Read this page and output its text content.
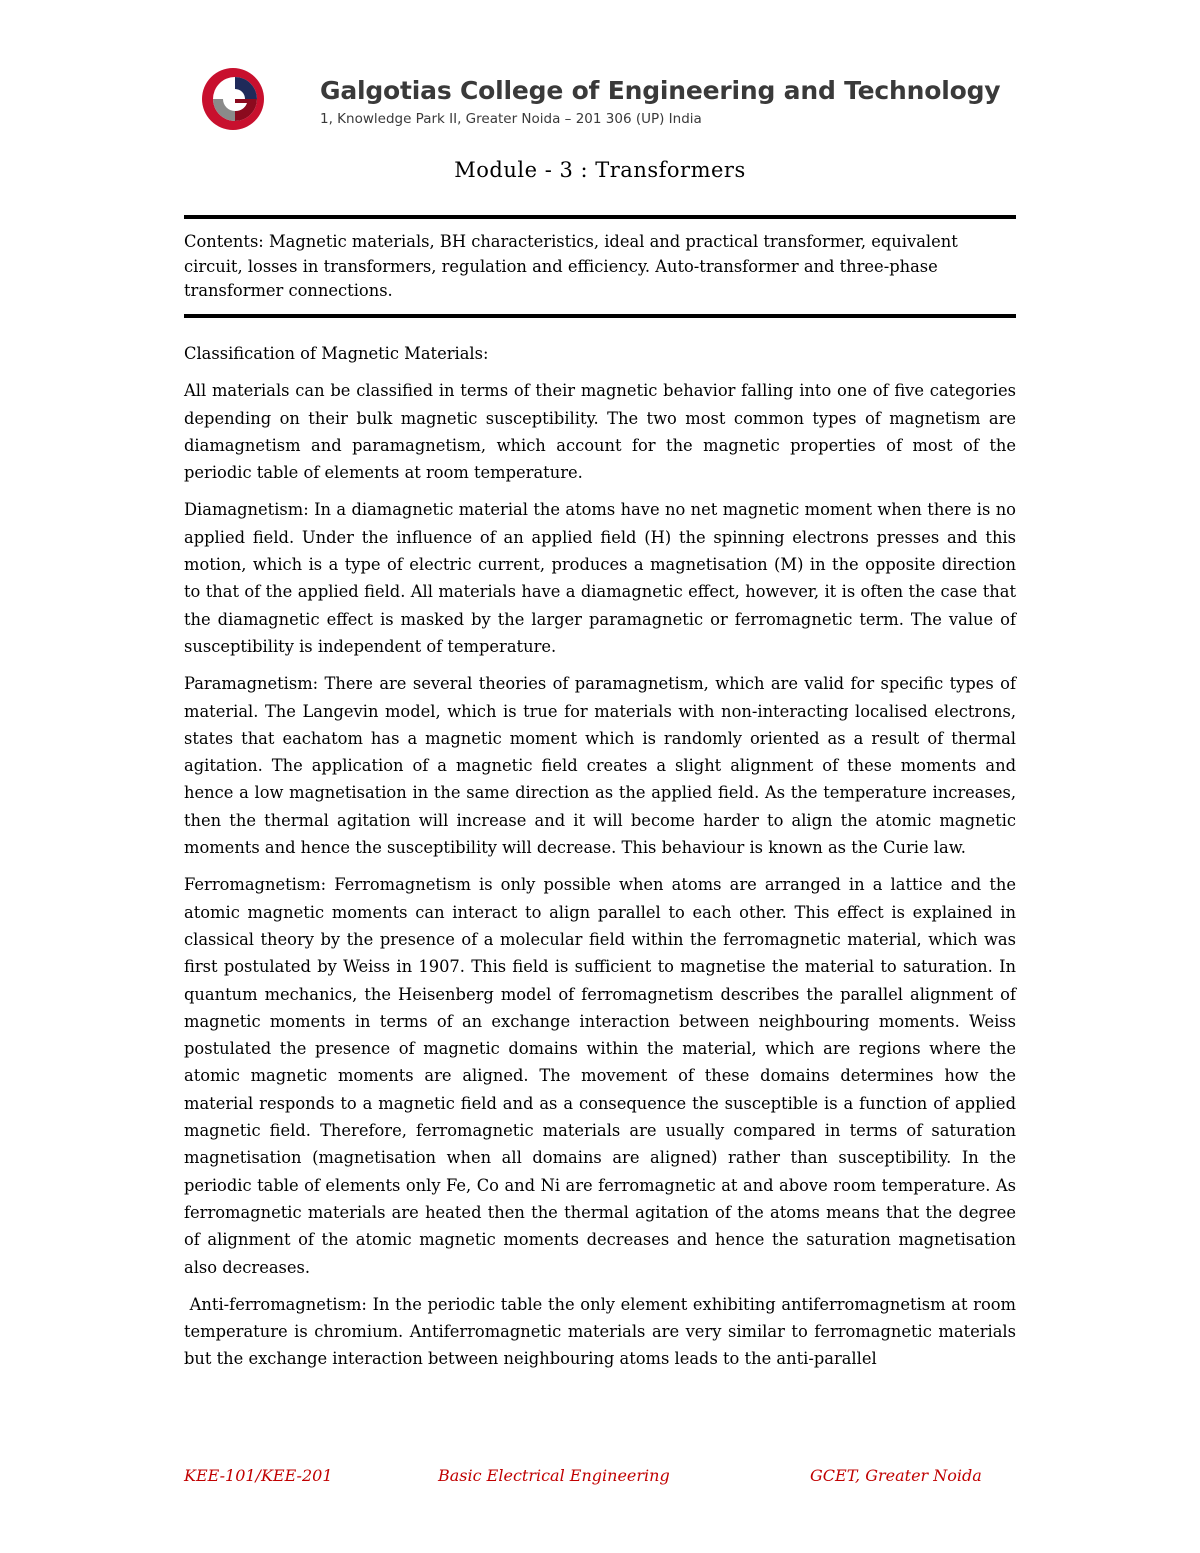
Galgotias College of Engineering and Technology
1, Knowledge Park II, Greater Noida – 201 306 (UP) India
Module - 3 : Transformers
Contents: Magnetic materials, BH characteristics, ideal and practical transformer, equivalent circuit, losses in transformers, regulation and efficiency. Auto-transformer and three-phase transformer connections.

Classification of Magnetic Materials:

All materials can be classified in terms of their magnetic behavior falling into one of five categories depending on their bulk magnetic susceptibility. The two most common types of magnetism are diamagnetism and paramagnetism, which account for the magnetic properties of most of the periodic table of elements at room temperature.

Diamagnetism: In a diamagnetic material the atoms have no net magnetic moment when there is no applied field. Under the influence of an applied field (H) the spinning electrons presses and this motion, which is a type of electric current, produces a magnetisation (M) in the opposite direction to that of the applied field. All materials have a diamagnetic effect, however, it is often the case that the diamagnetic effect is masked by the larger paramagnetic or ferromagnetic term. The value of susceptibility is independent of temperature.

Paramagnetism: There are several theories of paramagnetism, which are valid for specific types of material. The Langevin model, which is true for materials with non-interacting localised electrons, states that eachatom has a magnetic moment which is randomly oriented as a result of thermal agitation. The application of a magnetic field creates a slight alignment of these moments and hence a low magnetisation in the same direction as the applied field. As the temperature increases, then the thermal agitation will increase and it will become harder to align the atomic magnetic moments and hence the susceptibility will decrease. This behaviour is known as the Curie law.

Ferromagnetism: Ferromagnetism is only possible when atoms are arranged in a lattice and the atomic magnetic moments can interact to align parallel to each other. This effect is explained in classical theory by the presence of a molecular field within the ferromagnetic material, which was first postulated by Weiss in 1907. This field is sufficient to magnetise the material to saturation. In quantum mechanics, the Heisenberg model of ferromagnetism describes the parallel alignment of magnetic moments in terms of an exchange interaction between neighbouring moments. Weiss postulated the presence of magnetic domains within the material, which are regions where the atomic magnetic moments are aligned. The movement of these domains determines how the material responds to a magnetic field and as a consequence the susceptible is a function of applied magnetic field. Therefore, ferromagnetic materials are usually compared in terms of saturation magnetisation (magnetisation when all domains are aligned) rather than susceptibility. In the periodic table of elements only Fe, Co and Ni are ferromagnetic at and above room temperature. As ferromagnetic materials are heated then the thermal agitation of the atoms means that the degree of alignment of the atomic magnetic moments decreases and hence the saturation magnetisation also decreases.

Anti-ferromagnetism: In the periodic table the only element exhibiting antiferromagnetism at room temperature is chromium. Antiferromagnetic materials are very similar to ferromagnetic materials but the exchange interaction between neighbouring atoms leads to the anti-parallel

KEE-101/KEE-201	Basic Electrical Engineering	GCET, Greater Noida
